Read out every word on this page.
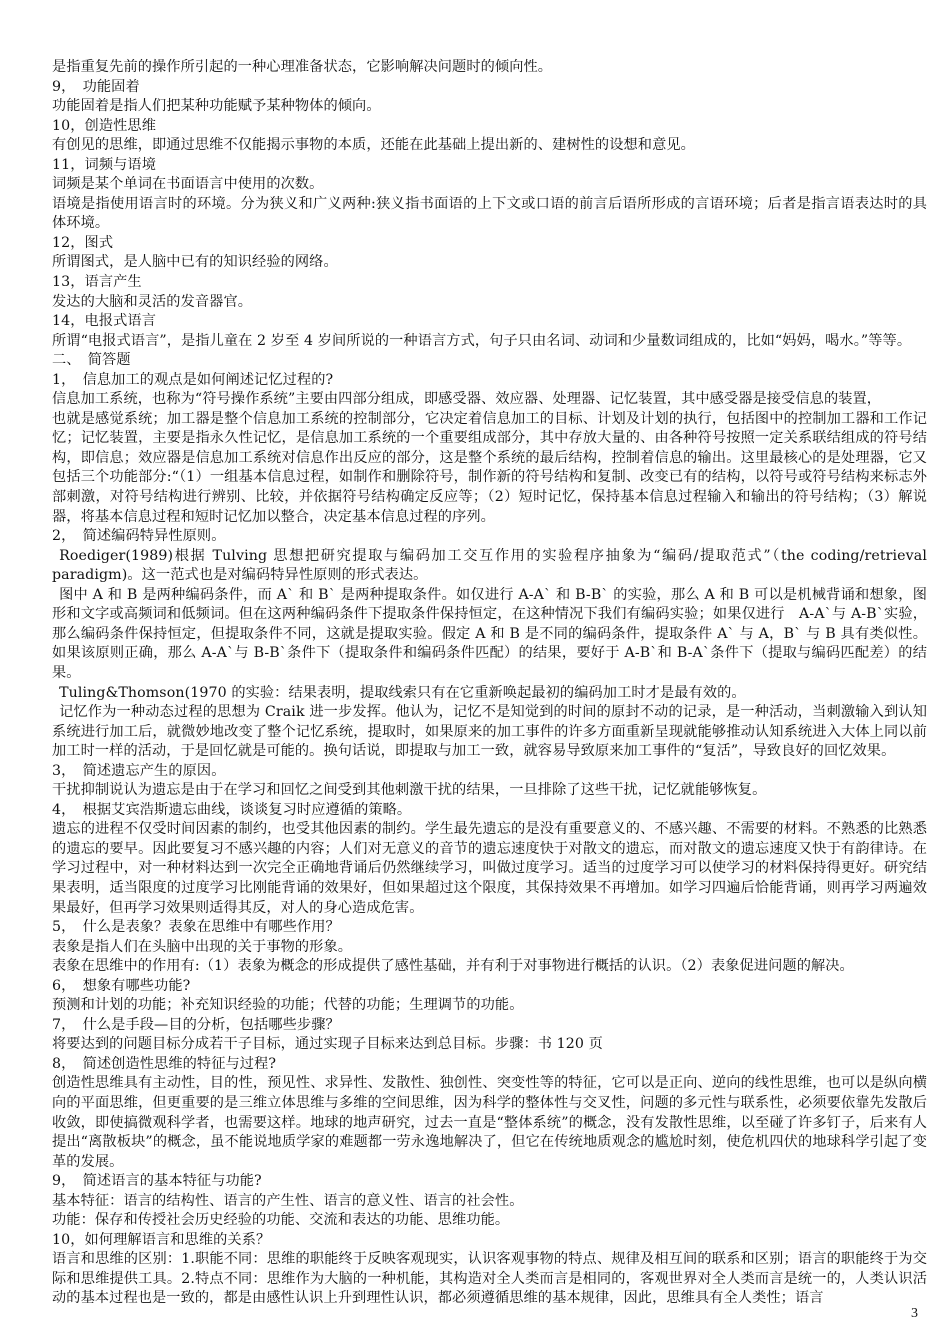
是指重复先前的操作所引起的一种心理准备状态，它影响解决问题时的倾向性。

9，　功能固着

功能固着是指人们把某种功能赋予某种物体的倾向。

10，创造性思维

有创见的思维，即通过思维不仅能揭示事物的本质，还能在此基础上提出新的、建树性的设想和意见。

11，词频与语境

词频是某个单词在书面语言中使用的次数。

语境是指使用语言时的环境。分为狭义和广义两种:狭义指书面语的上下文或口语的前言后语所形成的言语环境；后者是指言语表达时的具体环境。

12，图式

所谓图式，是人脑中已有的知识经验的网络。

13，语言产生

发达的大脑和灵活的发音器官。

14，电报式语言

所谓“电报式语言”，是指儿童在 2 岁至 4 岁间所说的一种语言方式，句子只由名词、动词和少量数词组成的，比如“妈妈，喝水。”等等。

二、　简答题

1，　信息加工的观点是如何阐述记忆过程的?

信息加工系统，也称为“符号操作系统”主要由四部分组成，即感受器、效应器、处理器、记忆装置，其中感受器是接受信息的装置，

也就是感觉系统；加工器是整个信息加工系统的控制部分，它决定着信息加工的目标、计划及计划的执行，包括图中的控制加工器和工作记忆；记忆装置，主要是指永久性记忆，是信息加工系统的一个重要组成部分，其中存放大量的、由各种符号按照一定关系联结组成的符号结构，即信息；效应器是信息加工系统对信息作出反应的部分，这是整个系统的最后结构，控制着信息的输出。这里最核心的是处理器，它又包括三个功能部分:“（1）一组基本信息过程，如制作和删除符号，制作新的符号结构和复制、改变已有的结构，以符号或符号结构来标志外部刺激，对符号结构进行辨别、比较，并依据符号结构确定反应等；（2）短时记忆，保持基本信息过程输入和输出的符号结构；（3）解说器，将基本信息过程和短时记忆加以整合，决定基本信息过程的序列。

2，　简述编码特异性原则。

Roediger(1989)根据 Tulving 思想把研究提取与编码加工交互作用的实验程序抽象为“编码/提取范式”（the coding/retrieval paradigm)。这一范式也是对编码特异性原则的形式表达。

图中 A 和 B 是两种编码条件，而 A` 和 B` 是两种提取条件。如仅进行 A-A` 和 B-B` 的实验，那么 A 和 B 可以是机械背诵和想象，图形和文字或高频词和低频词。但在这两种编码条件下提取条件保持恒定，在这种情况下我们有编码实验；如果仅进行　A-A`与 A-B`实验，那么编码条件保持恒定，但提取条件不同，这就是提取实验。假定 A 和 B 是不同的编码条件，提取条件 A` 与 A，B` 与 B 具有类似性。如果该原则正确，那么 A-A`与 B-B`条件下（提取条件和编码条件匹配）的结果，要好于 A-B`和 B-A`条件下（提取与编码匹配差）的结果。

Tuling&Thomson(1970 的实验：结果表明，提取线索只有在它重新唤起最初的编码加工时才是最有效的。

记忆作为一种动态过程的思想为 Craik 进一步发挥。他认为，记忆不是知觉到的时间的原封不动的记录，是一种活动，当刺激输入到认知系统进行加工后，就微妙地改变了整个记忆系统，提取时，如果原来的加工事件的许多方面重新呈现就能够推动认知系统进入大体上同以前加工时一样的活动，于是回忆就是可能的。换句话说，即提取与加工一致，就容易导致原来加工事件的“复活”，导致良好的回忆效果。

3，　简述遗忘产生的原因。

干扰抑制说认为遗忘是由于在学习和回忆之间受到其他刺激干扰的结果，一旦排除了这些干扰，记忆就能够恢复。

4，　根据艾宾浩斯遗忘曲线，谈谈复习时应遵循的策略。

遗忘的进程不仅受时间因素的制约，也受其他因素的制约。学生最先遗忘的是没有重要意义的、不感兴趣、不需要的材料。不熟悉的比熟悉的遗忘的要早。因此要复习不感兴趣的内容；人们对无意义的音节的遗忘速度快于对散文的遗忘，而对散文的遗忘速度又快于有韵律诗。在学习过程中，对一种材料达到一次完全正确地背诵后仍然继续学习，叫做过度学习。适当的过度学习可以使学习的材料保持得更好。研究结果表明，适当限度的过度学习比刚能背诵的效果好，但如果超过这个限度，其保持效果不再增加。如学习四遍后恰能背诵，则再学习两遍效果最好，但再学习效果则适得其反，对人的身心造成危害。

5，　什么是表象？表象在思维中有哪些作用？

表象是指人们在头脑中出现的关于事物的形象。

表象在思维中的作用有:（1）表象为概念的形成提供了感性基础，并有利于对事物进行概括的认识。（2）表象促进问题的解决。

6，　想象有哪些功能?

预测和计划的功能；补充知识经验的功能；代替的功能；生理调节的功能。

7，　什么是手段—目的分析，包括哪些步骤？

将要达到的问题目标分成若干子目标，通过实现子目标来达到总目标。步骤：书 120 页

8，　简述创造性思维的特征与过程?

创造性思维具有主动性，目的性，预见性、求异性、发散性、独创性、突变性等的特征，它可以是正向、逆向的线性思维，也可以是纵向横向的平面思维，但更重要的是三维立体思维与多维的空间思维，因为科学的整体性与交叉性，问题的多元性与联系性，必须要依靠先发散后收敛，即使搞微观科学者，也需要这样。地球的地声研究，过去一直是“整体系统”的概念，没有发散性思维，以至碰了许多钉子，后来有人提出“离散板块”的概念，虽不能说地质学家的难题都一劳永逸地解决了，但它在传统地质观念的尴尬时刻，使危机四伏的地球科学引起了变革的发展。

9，　简述语言的基本特征与功能?

基本特征：语言的结构性、语言的产生性、语言的意义性、语言的社会性。

功能：保存和传授社会历史经验的功能、交流和表达的功能、思维功能。

10，如何理解语言和思维的关系？

语言和思维的区别：1.职能不同：思维的职能终于反映客观现实，认识客观事物的特点、规律及相互间的联系和区别；语言的职能终于为交际和思维提供工具。2.特点不同：思维作为大脑的一种机能，其构造对全人类而言是相同的，客观世界对全人类而言是统一的，人类认识活动的基本过程也是一致的，都是由感性认识上升到理性认识，都必须遵循思维的基本规律，因此，思维具有全人类性；语言

3
